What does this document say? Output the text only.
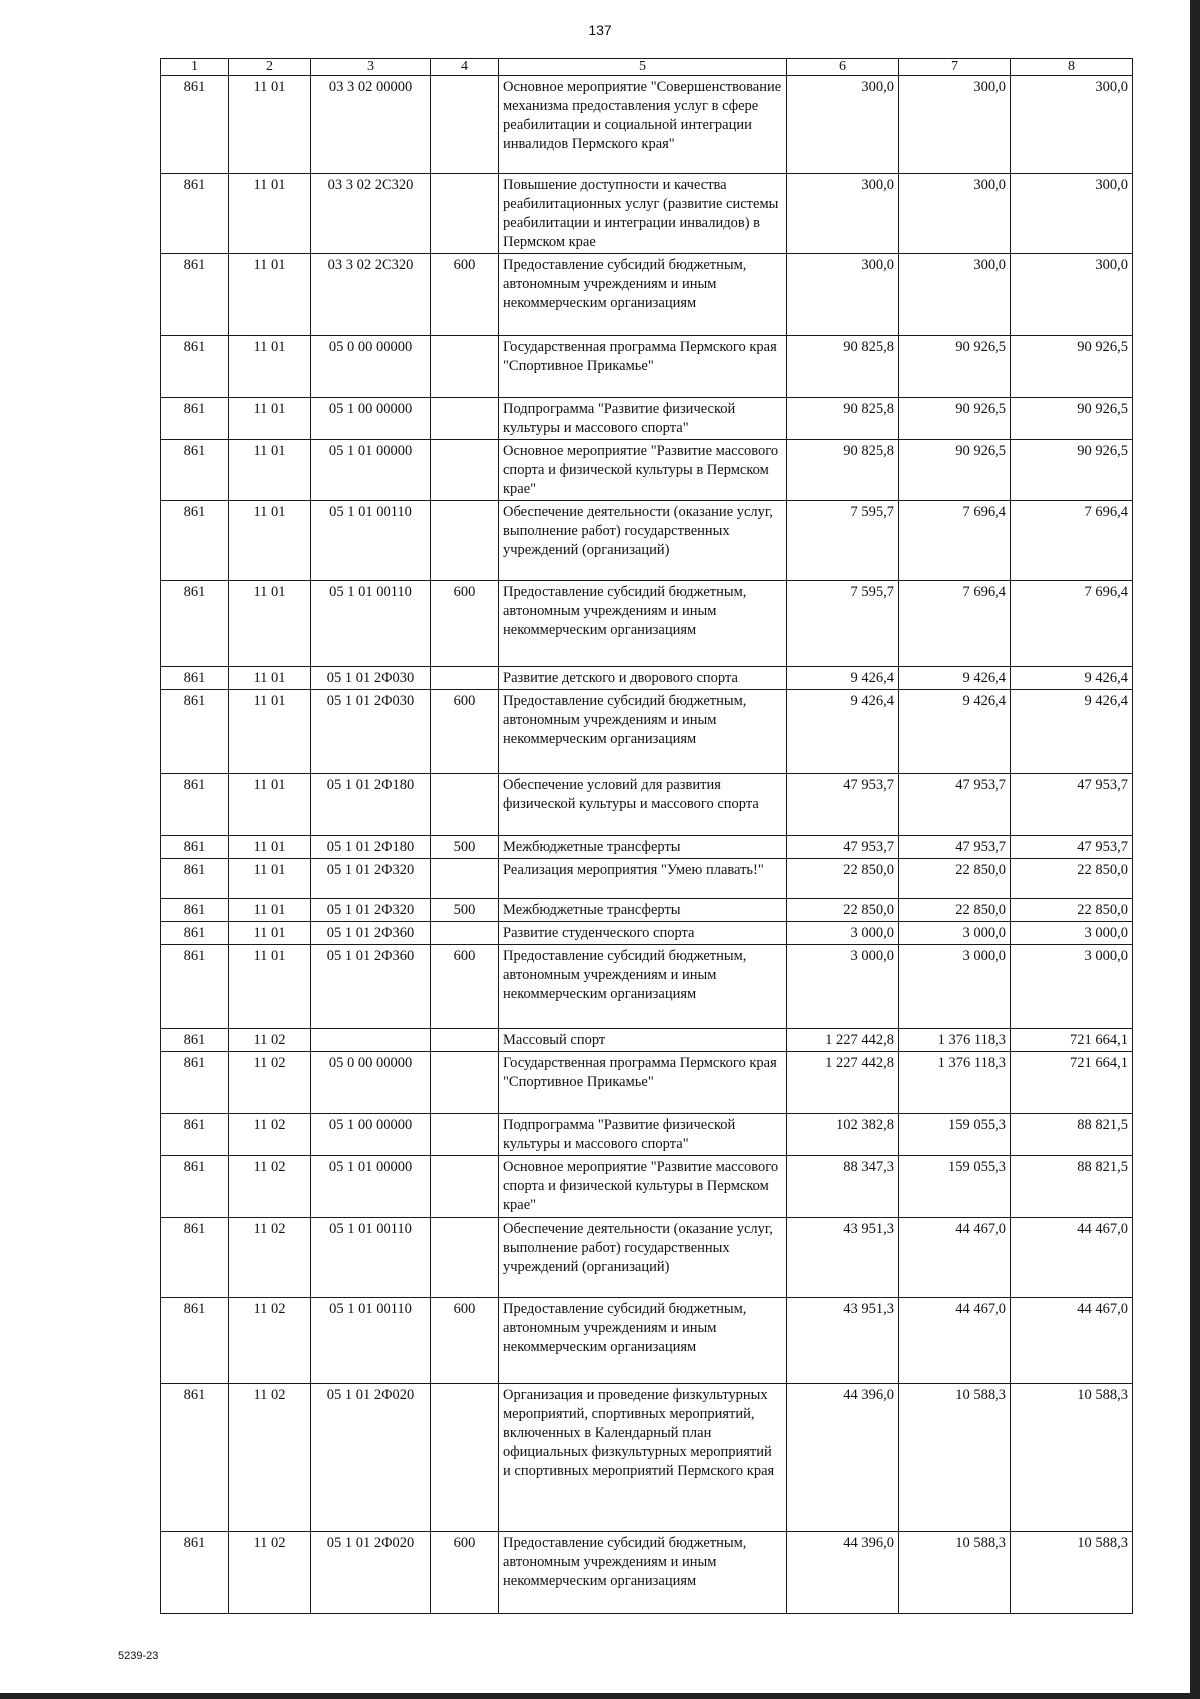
137
1	2	3	4	5	6	7	8
861	11 01	03 3 02 00000		Основное мероприятие "Совершенствование механизма предоставления услуг в сфере реабилитации и социальной интеграции инвалидов Пермского края"	300,0	300,0	300,0
861	11 01	03 3 02 2С320		Повышение доступности и качества реабилитационных услуг (развитие системы реабилитации и интеграции инвалидов) в Пермском крае	300,0	300,0	300,0
861	11 01	03 3 02 2С320	600	Предоставление субсидий бюджетным, автономным учреждениям и иным некоммерческим организациям	300,0	300,0	300,0
861	11 01	05 0 00 00000		Государственная программа Пермского края "Спортивное Прикамье"	90 825,8	90 926,5	90 926,5
861	11 01	05 1 00 00000		Подпрограмма "Развитие физической культуры и массового спорта"	90 825,8	90 926,5	90 926,5
861	11 01	05 1 01 00000		Основное мероприятие "Развитие массового спорта и физической культуры в Пермском крае"	90 825,8	90 926,5	90 926,5
861	11 01	05 1 01 00110		Обеспечение деятельности (оказание услуг, выполнение работ) государственных учреждений (организаций)	7 595,7	7 696,4	7 696,4
861	11 01	05 1 01 00110	600	Предоставление субсидий бюджетным, автономным учреждениям и иным некоммерческим организациям	7 595,7	7 696,4	7 696,4
861	11 01	05 1 01 2Ф030		Развитие детского и дворового спорта	9 426,4	9 426,4	9 426,4
861	11 01	05 1 01 2Ф030	600	Предоставление субсидий бюджетным, автономным учреждениям и иным некоммерческим организациям	9 426,4	9 426,4	9 426,4
861	11 01	05 1 01 2Ф180		Обеспечение условий для развития физической культуры и массового спорта	47 953,7	47 953,7	47 953,7
861	11 01	05 1 01 2Ф180	500	Межбюджетные трансферты	47 953,7	47 953,7	47 953,7
861	11 01	05 1 01 2Ф320		Реализация мероприятия "Умею плавать!"	22 850,0	22 850,0	22 850,0
861	11 01	05 1 01 2Ф320	500	Межбюджетные трансферты	22 850,0	22 850,0	22 850,0
861	11 01	05 1 01 2Ф360		Развитие студенческого спорта	3 000,0	3 000,0	3 000,0
861	11 01	05 1 01 2Ф360	600	Предоставление субсидий бюджетным, автономным учреждениям и иным некоммерческим организациям	3 000,0	3 000,0	3 000,0
861	11 02			Массовый спорт	1 227 442,8	1 376 118,3	721 664,1
861	11 02	05 0 00 00000		Государственная программа Пермского края "Спортивное Прикамье"	1 227 442,8	1 376 118,3	721 664,1
861	11 02	05 1 00 00000		Подпрограмма "Развитие физической культуры и массового спорта"	102 382,8	159 055,3	88 821,5
861	11 02	05 1 01 00000		Основное мероприятие "Развитие массового спорта и физической культуры в Пермском крае"	88 347,3	159 055,3	88 821,5
861	11 02	05 1 01 00110		Обеспечение деятельности (оказание услуг, выполнение работ) государственных учреждений (организаций)	43 951,3	44 467,0	44 467,0
861	11 02	05 1 01 00110	600	Предоставление субсидий бюджетным, автономным учреждениям и иным некоммерческим организациям	43 951,3	44 467,0	44 467,0
861	11 02	05 1 01 2Ф020		Организация и проведение физкультурных мероприятий, спортивных мероприятий, включенных в Календарный план официальных физкультурных мероприятий и спортивных мероприятий Пермского края	44 396,0	10 588,3	10 588,3
861	11 02	05 1 01 2Ф020	600	Предоставление субсидий бюджетным, автономным учреждениям и иным некоммерческим организациям	44 396,0	10 588,3	10 588,3
5239-23
